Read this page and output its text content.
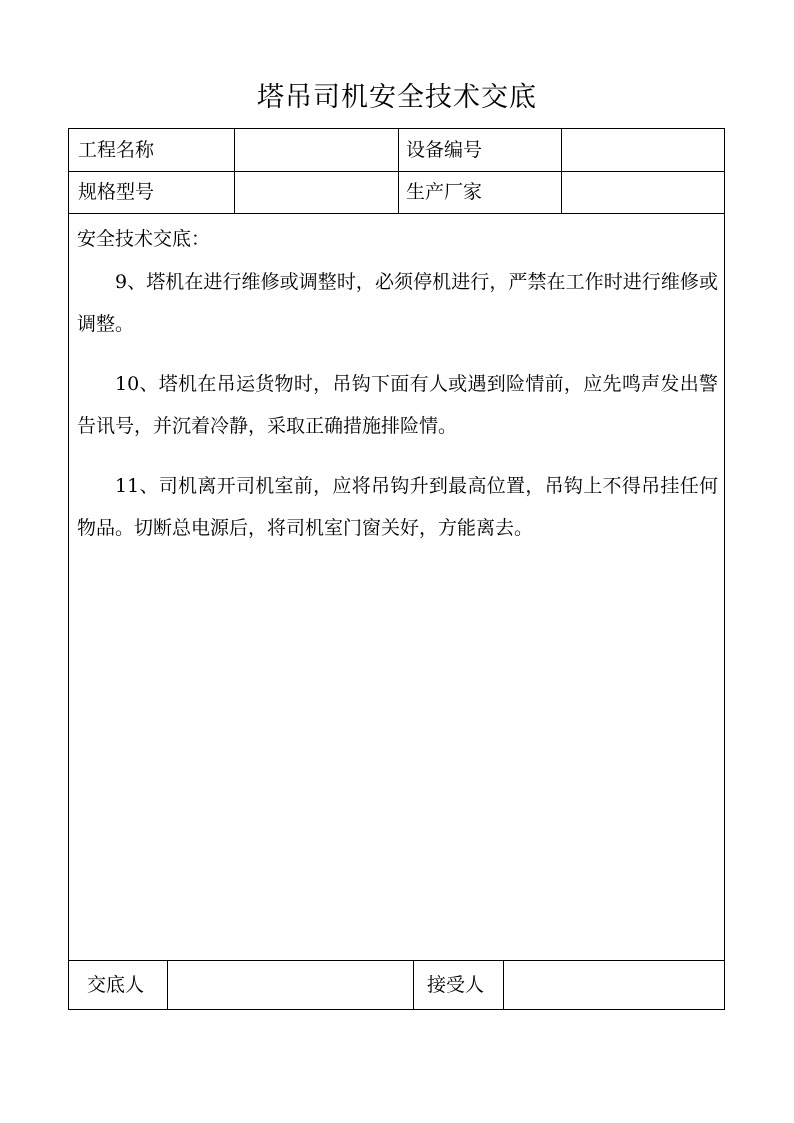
塔吊司机安全技术交底
工程名称	设备编号
规格型号	生产厂家
安全技术交底：

9、塔机在进行维修或调整时，必须停机进行，严禁在工作时进行维修或调整。

10、塔机在吊运货物时，吊钩下面有人或遇到险情前，应先鸣声发出警告讯号，并沉着冷静，采取正确措施排险情。

11、司机离开司机室前，应将吊钩升到最高位置，吊钩上不得吊挂任何物品。切断总电源后，将司机室门窗关好，方能离去。

交底人	接受人
